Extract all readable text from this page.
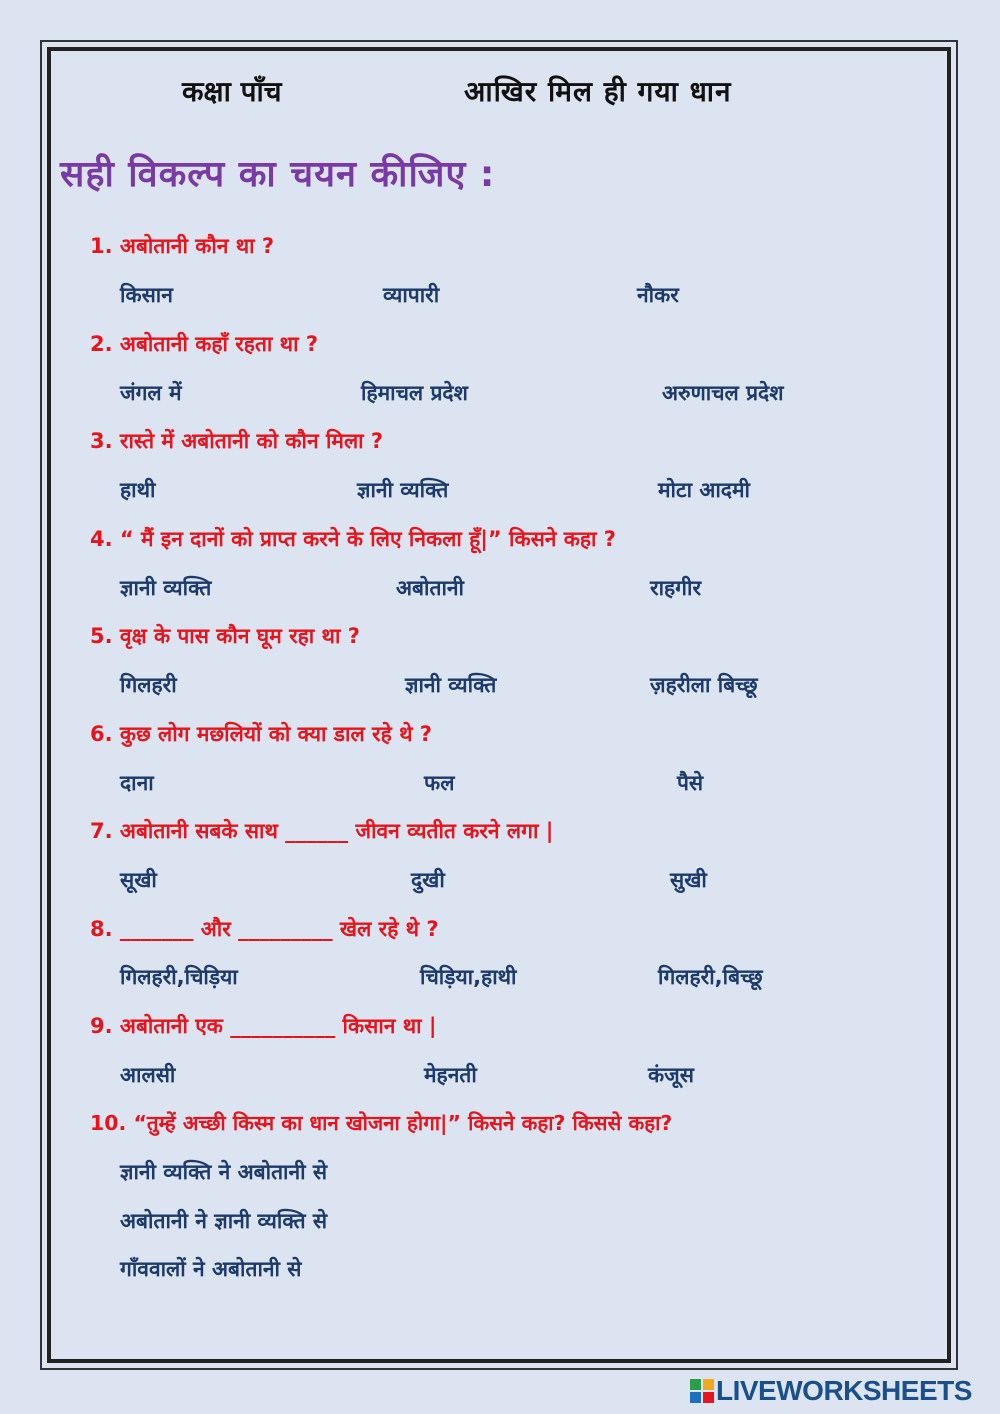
कक्षा पाँच	आखिर मिल ही गया धान
सही विकल्प का चयन कीजिए :
1. अबोतानी कौन था ?
किसान	व्यापारी	नौकर
2. अबोतानी कहाँ रहता था ?
जंगल में	हिमाचल प्रदेश	अरुणाचल प्रदेश
3. रास्ते में अबोतानी को कौन मिला ?
हाथी	ज्ञानी व्यक्ति	मोटा आदमी
4. “ मैं इन दानों को प्राप्त करने के लिए निकला हूँ|” किसने कहा ?
ज्ञानी व्यक्ति	अबोतानी	राहगीर
5. वृक्ष के पास कौन घूम रहा था ?
गिलहरी	ज्ञानी व्यक्ति	ज़हरीला बिच्छू
6. कुछ लोग मछलियों को क्या डाल रहे थे ?
दाना	फल	पैसे
7. अबोतानी सबके साथ ______ जीवन व्यतीत करने लगा |
सूखी	दुखी	सुखी
8. _______ और _________ खेल रहे थे ?
गिलहरी,चिड़िया	चिड़िया,हाथी	गिलहरी,बिच्छू
9. अबोतानी एक __________ किसान था |
आलसी	मेहनती	कंजूस
10. “तुम्हें अच्छी किस्म का धान खोजना होगा|” किसने कहा? किससे कहा?
ज्ञानी व्यक्ति ने अबोतानी से
अबोतानी ने ज्ञानी व्यक्ति से
गाँववालों ने अबोतानी से
LIVEWORKSHEETS
